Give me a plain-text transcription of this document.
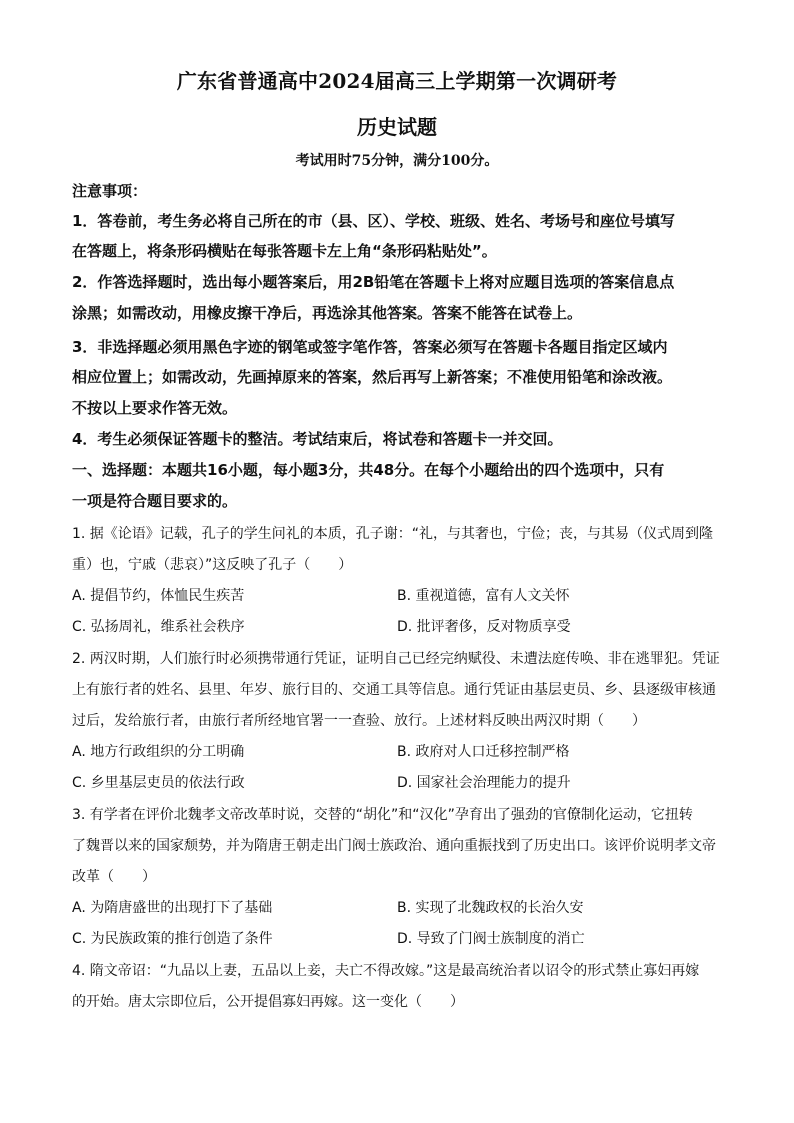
广东省普通高中2024届高三上学期第一次调研考
历史试题
考试用时75分钟，满分100分。
注意事项：
1．答卷前，考生务必将自己所在的市（县、区）、学校、班级、姓名、考场号和座位号填写
在答题上，将条形码横贴在每张答题卡左上角“条形码粘贴处”。
2．作答选择题时，选出每小题答案后，用2B铅笔在答题卡上将对应题目选项的答案信息点
涂黑；如需改动，用橡皮擦干净后，再选涂其他答案。答案不能答在试卷上。
3．非选择题必须用黑色字迹的钢笔或签字笔作答，答案必须写在答题卡各题目指定区域内
相应位置上；如需改动，先画掉原来的答案，然后再写上新答案；不准使用铅笔和涂改液。
不按以上要求作答无效。
4．考生必须保证答题卡的整洁。考试结束后，将试卷和答题卡一并交回。
一、选择题：本题共16小题，每小题3分，共48分。在每个小题给出的四个选项中，只有
一项是符合题目要求的。
1. 据《论语》记载，孔子的学生问礼的本质，孔子谢：“礼，与其奢也，宁俭；丧，与其易（仪式周到隆
重）也，宁戚（悲哀）”这反映了孔子（　　）
A. 提倡节约，体恤民生疾苦	B. 重视道德，富有人文关怀
C. 弘扬周礼，维系社会秩序	D. 批评奢侈，反对物质享受
2. 两汉时期，人们旅行时必须携带通行凭证，证明自己已经完纳赋役、未遭法庭传唤、非在逃罪犯。凭证
上有旅行者的姓名、县里、年岁、旅行目的、交通工具等信息。通行凭证由基层吏员、乡、县逐级审核通
过后，发给旅行者，由旅行者所经地官署一一查验、放行。上述材料反映出两汉时期（　　）
A. 地方行政组织的分工明确	B. 政府对人口迁移控制严格
C. 乡里基层吏员的依法行政	D. 国家社会治理能力的提升
3. 有学者在评价北魏孝文帝改革时说，交替的“胡化”和“汉化”孕育出了强劲的官僚制化运动，它扭转
了魏晋以来的国家颓势，并为隋唐王朝走出门阀士族政治、通向重振找到了历史出口。该评价说明孝文帝
改革（　　）
A. 为隋唐盛世的出现打下了基础	B. 实现了北魏政权的长治久安
C. 为民族政策的推行创造了条件	D. 导致了门阀士族制度的消亡
4. 隋文帝诏：“九品以上妻，五品以上妾，夫亡不得改嫁。”这是最高统治者以诏令的形式禁止寡妇再嫁
的开始。唐太宗即位后，公开提倡寡妇再嫁。这一变化（　　）
